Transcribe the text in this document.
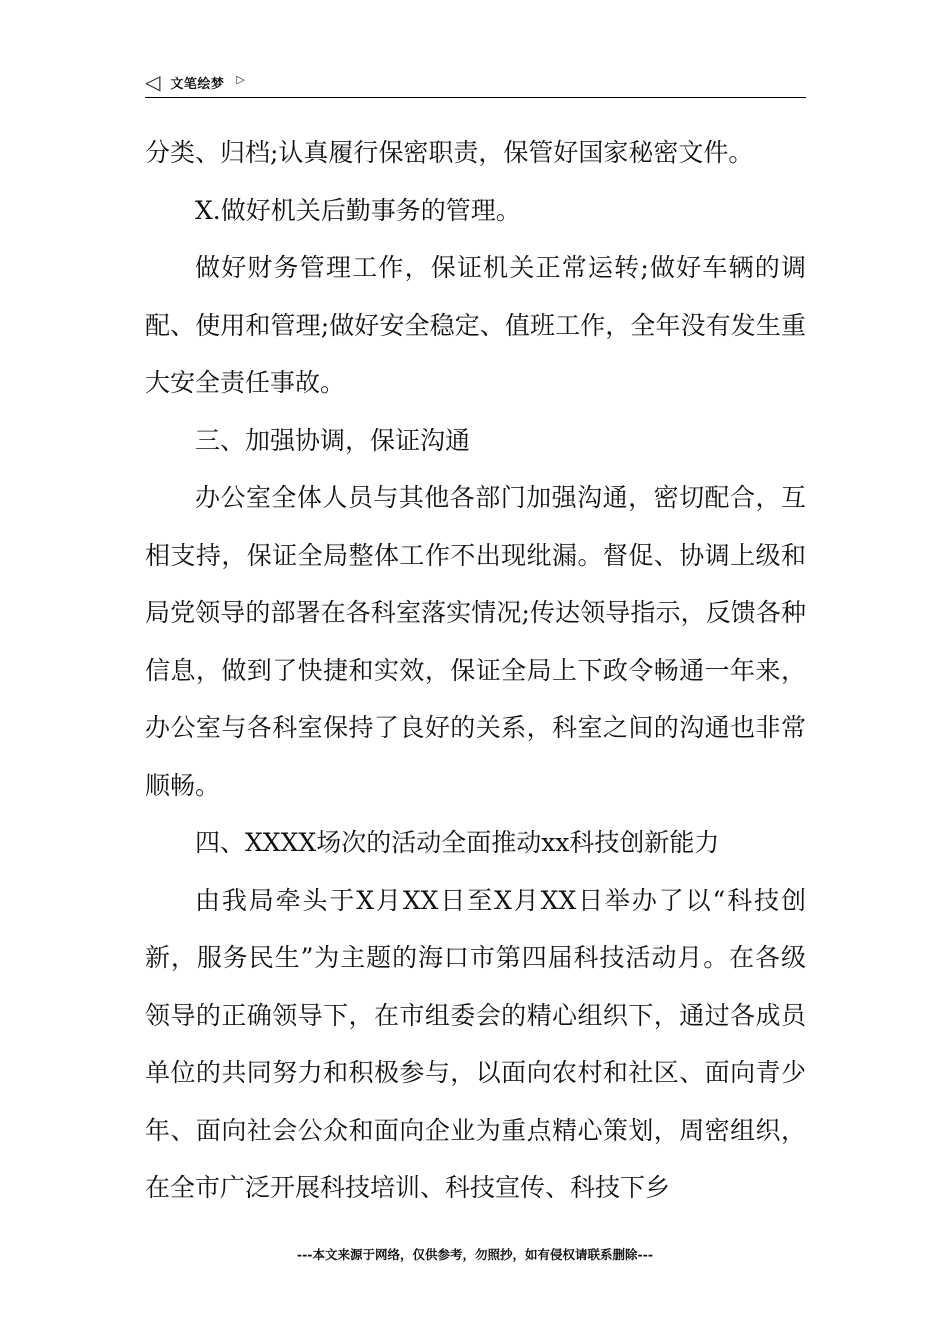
◁ 文笔绘梦 ▷

分类、归档;认真履行保密职责，保管好国家秘密文件。

X.做好机关后勤事务的管理。

做好财务管理工作，保证机关正常运转;做好车辆的调配、使用和管理;做好安全稳定、值班工作，全年没有发生重大安全责任事故。

三、加强协调，保证沟通

办公室全体人员与其他各部门加强沟通，密切配合，互相支持，保证全局整体工作不出现纰漏。督促、协调上级和局党领导的部署在各科室落实情况;传达领导指示，反馈各种信息，做到了快捷和实效，保证全局上下政令畅通一年来，办公室与各科室保持了良好的关系，科室之间的沟通也非常顺畅。

四、XXXX场次的活动全面推动xx科技创新能力

由我局牵头于X月XX日至X月XX日举办了以“科技创新，服务民生”为主题的海口市第四届科技活动月。在各级领导的正确领导下，在市组委会的精心组织下，通过各成员单位的共同努力和积极参与，以面向农村和社区、面向青少年、面向社会公众和面向企业为重点精心策划，周密组织，在全市广泛开展科技培训、科技宣传、科技下乡

---本文来源于网络，仅供参考，勿照抄，如有侵权请联系删除---
